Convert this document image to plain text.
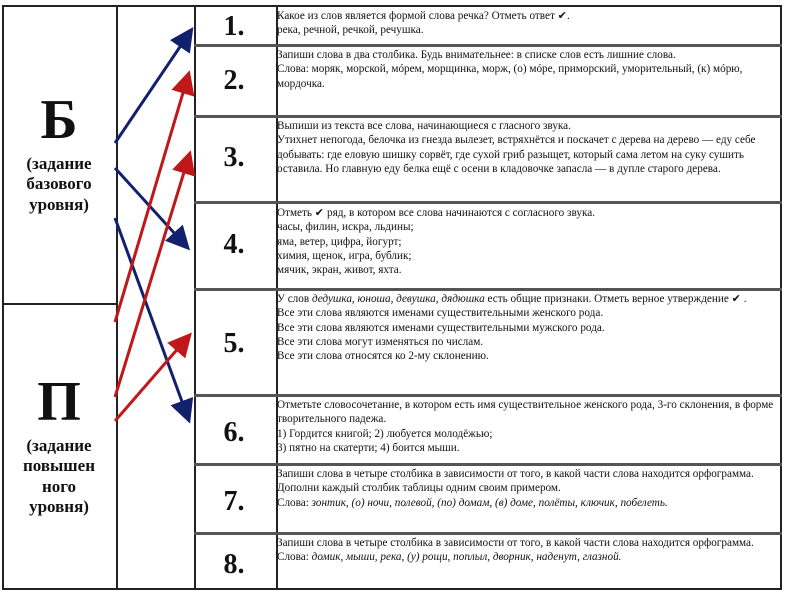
Б
(задание
базового
уровня)
П
(задание
повышен
ного
уровня)
1.
2.
3.
4.
5.
6.
7.
8.

Какое из слов является формой слова речка? Отметь ответ ✔.

река, речной, речкой, речушка.

Запиши слова в два столбика. Будь внимательнее: в списке слов есть лишние слова.

Слова: моряк, морской, мóрем, морщинка, морж, (о) мóре, приморский, уморительный, (к) мóрю, мордочка.

Выпиши из текста все слова, начинающиеся с гласного звука.

Утихнет непогода, белочка из гнезда вылезет, встряхнётся и поскачет с дерева на дерево — еду себе добывать: где еловую шишку сорвёт, где сухой гриб разыщет, который сама летом на суку сушить оставила. Но главную еду белка ещё с осени в кладовочке запасла — в дупле старого дерева.

Отметь ✔ ряд, в котором все слова начинаются с согласного звука.

часы, филин, искра, льдины;

яма, ветер, цифра, йогурт;

химия, щенок, игра, бублик;

мячик, экран, живот, яхта.

У слов дедушка, юноша, девушка, дядюшка есть общие признаки. Отметь верное утверждение ✔ .

Все эти слова являются именами существительными женского рода.

Все эти слова являются именами существительными мужского рода.

Все эти слова могут изменяться по числам.

Все эти слова относятся ко 2-му склонению.

Отметьте словосочетание, в котором есть имя существительное женского рода, 3-го склонения, в форме творительного падежа.

1) Гордится книгой; 2) любуется молодёжью;

3) пятно на скатерти; 4) боится мыши.

Запиши слова в четыре столбика в зависимости от того, в какой части слова находится орфограмма. Дополни каждый столбик таблицы одним своим примером.

Слова: зонтик, (о) ночи, полевой, (по) домам, (в) доме, полёты, ключик, побелеть.

Запиши слова в четыре столбика в зависимости от того, в какой части слова находится орфограмма.

Слова: домик, мыши, река, (у) рощи, поплыл, дворник, наденут, глазной.
